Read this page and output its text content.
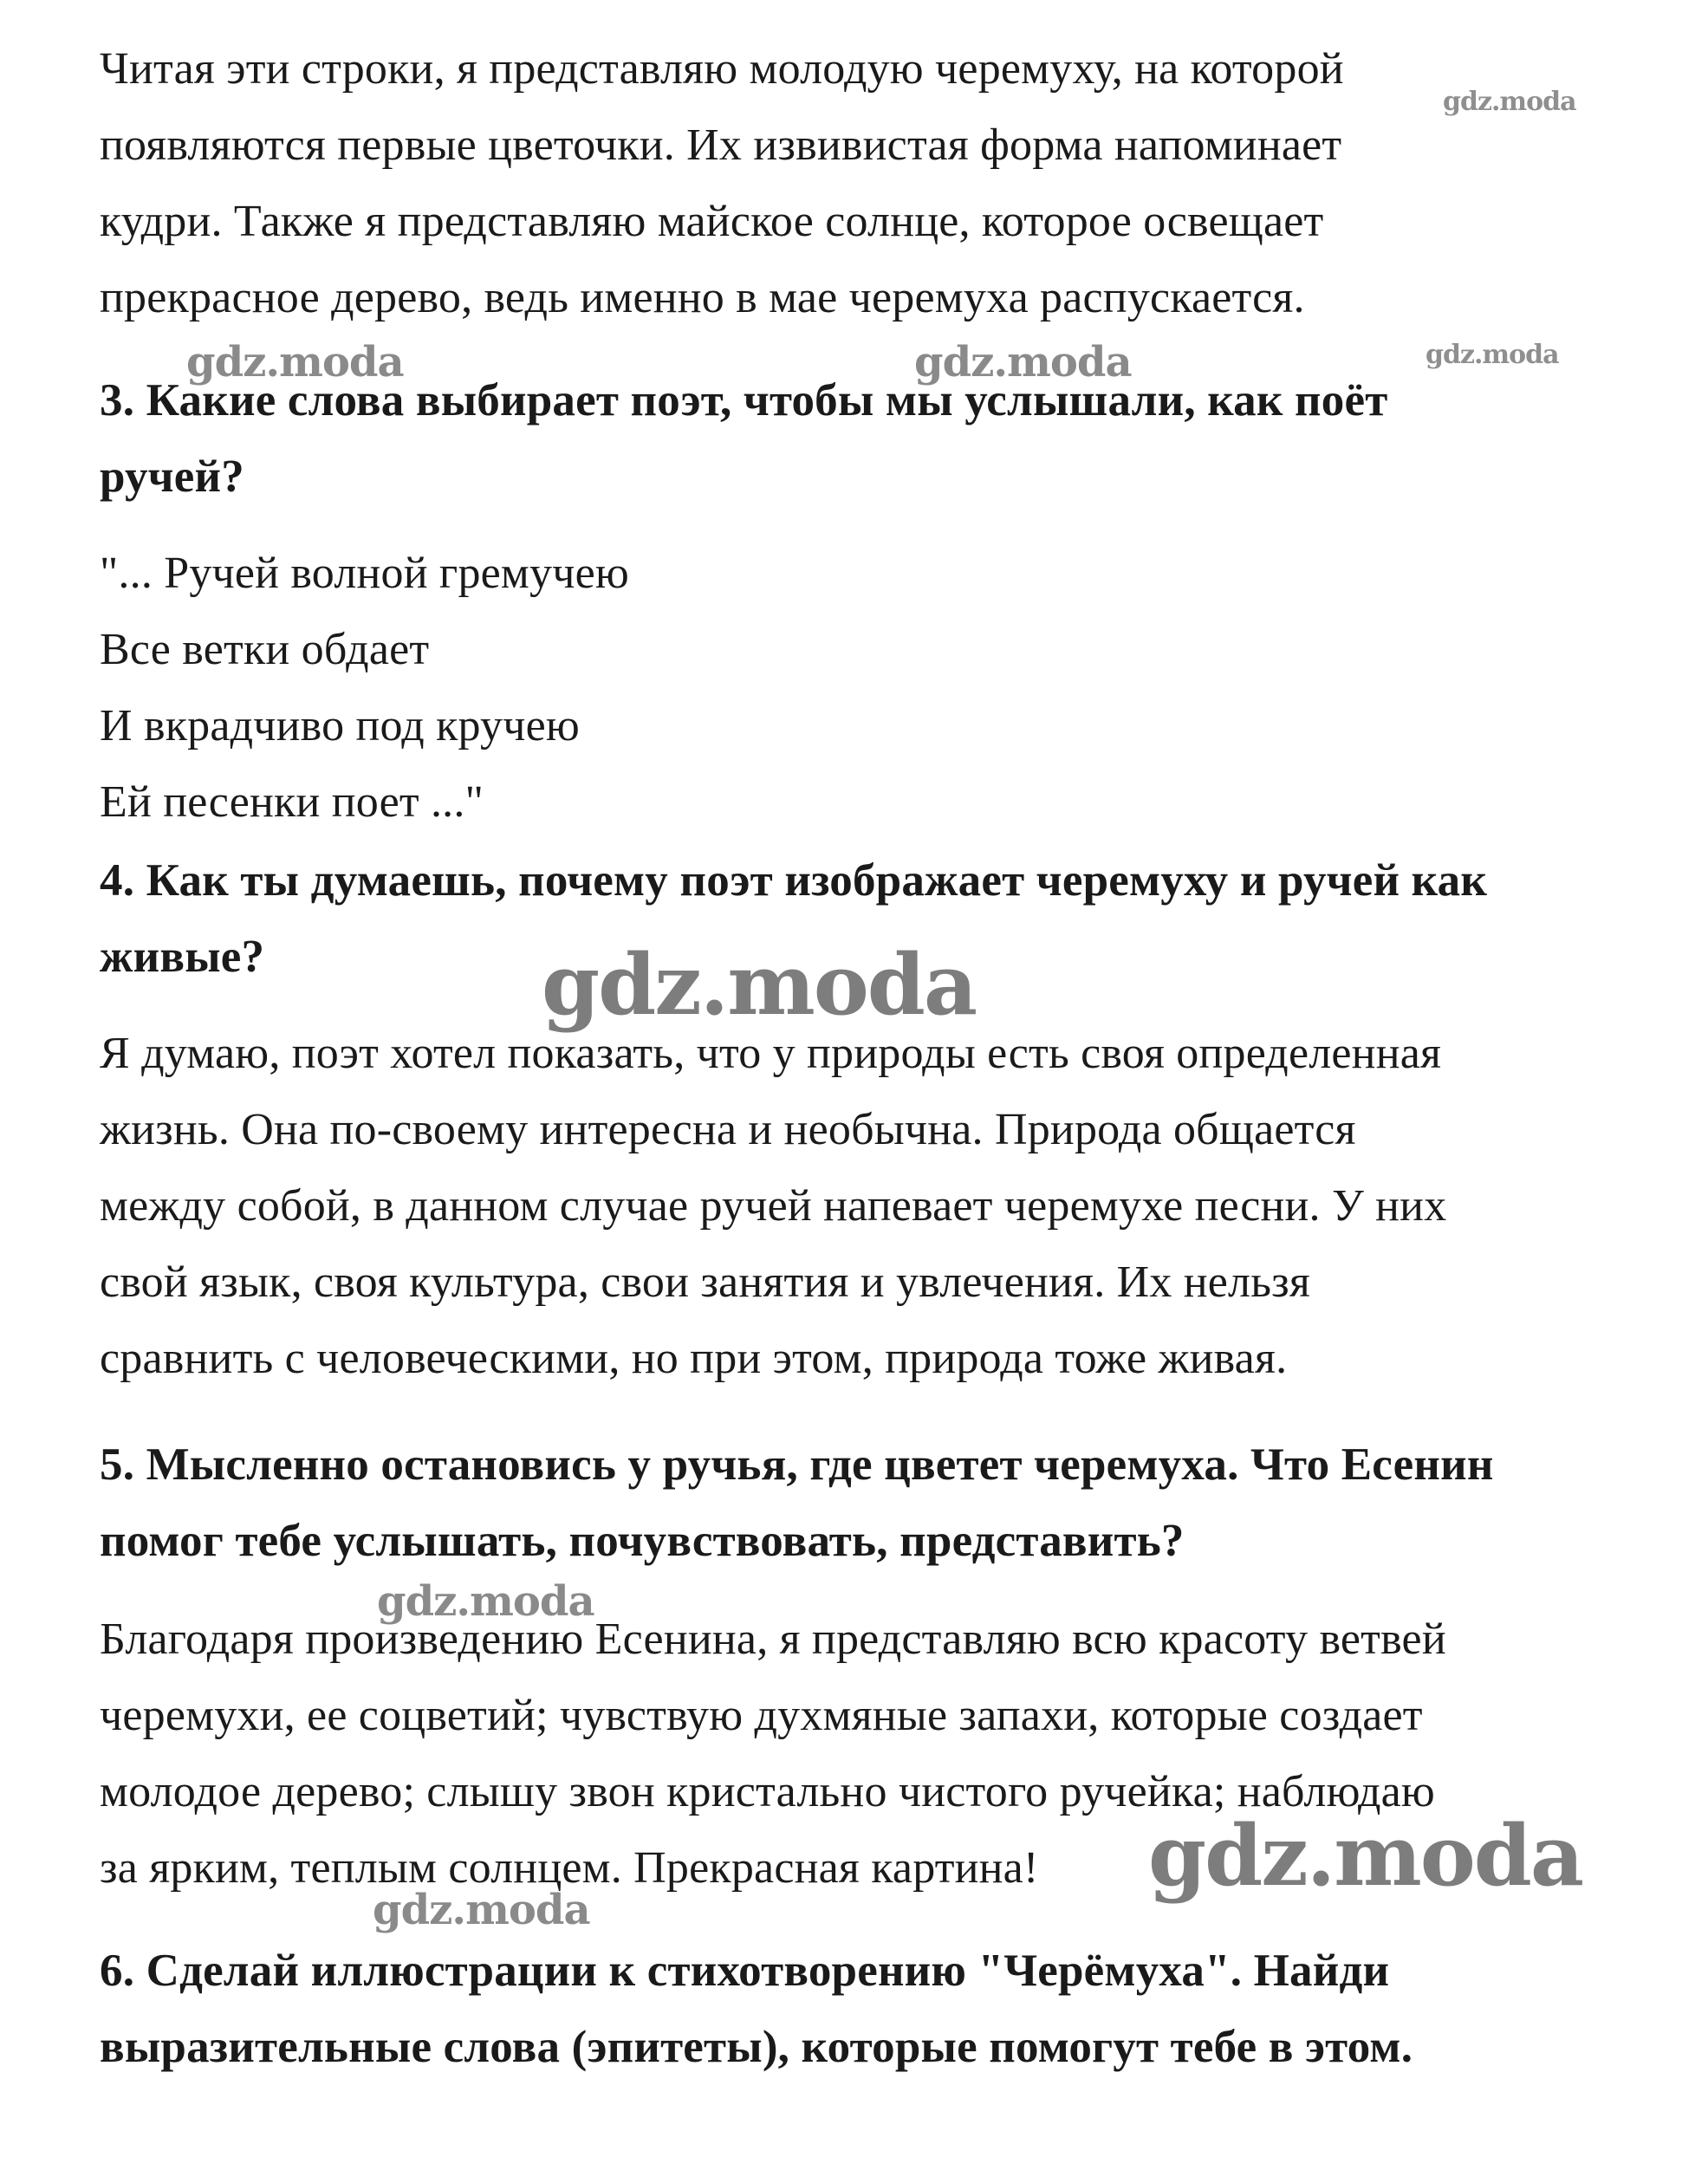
Читая эти строки, я представляю молодую черемуху, на которой
появляются первые цветочки. Их извивистая форма напоминает
кудри. Также я представляю майское солнце, которое освещает
прекрасное дерево, ведь именно в мае черемуха распускается.
3. Какие слова выбирает поэт, чтобы мы услышали, как поёт
ручей?
"... Ручей волной гремучею
Все ветки обдает
И вкрадчиво под кручею
Ей песенки поет ..."
4. Как ты думаешь, почему поэт изображает черемуху и ручей как
живые?
Я думаю, поэт хотел показать, что у природы есть своя определенная
жизнь. Она по-своему интересна и необычна. Природа общается
между собой, в данном случае ручей напевает черемухе песни. У них
свой язык, своя культура, свои занятия и увлечения. Их нельзя
сравнить с человеческими, но при этом, природа тоже живая.
5. Мысленно остановись у ручья, где цветет черемуха. Что Есенин
помог тебе услышать, почувствовать, представить?
Благодаря произведению Есенина, я представляю всю красоту ветвей
черемухи, ее соцветий; чувствую духмяные запахи, которые создает
молодое дерево; слышу звон кристально чистого ручейка; наблюдаю
за ярким, теплым солнцем. Прекрасная картина!
6. Сделай иллюстрации к стихотворению "Черёмуха". Найди
выразительные слова (эпитеты), которые помогут тебе в этом.
gdz.moda
gdz.moda	gdz.moda	gdz.moda
gdz.moda
gdz.moda
gdz.moda
gdz.moda
